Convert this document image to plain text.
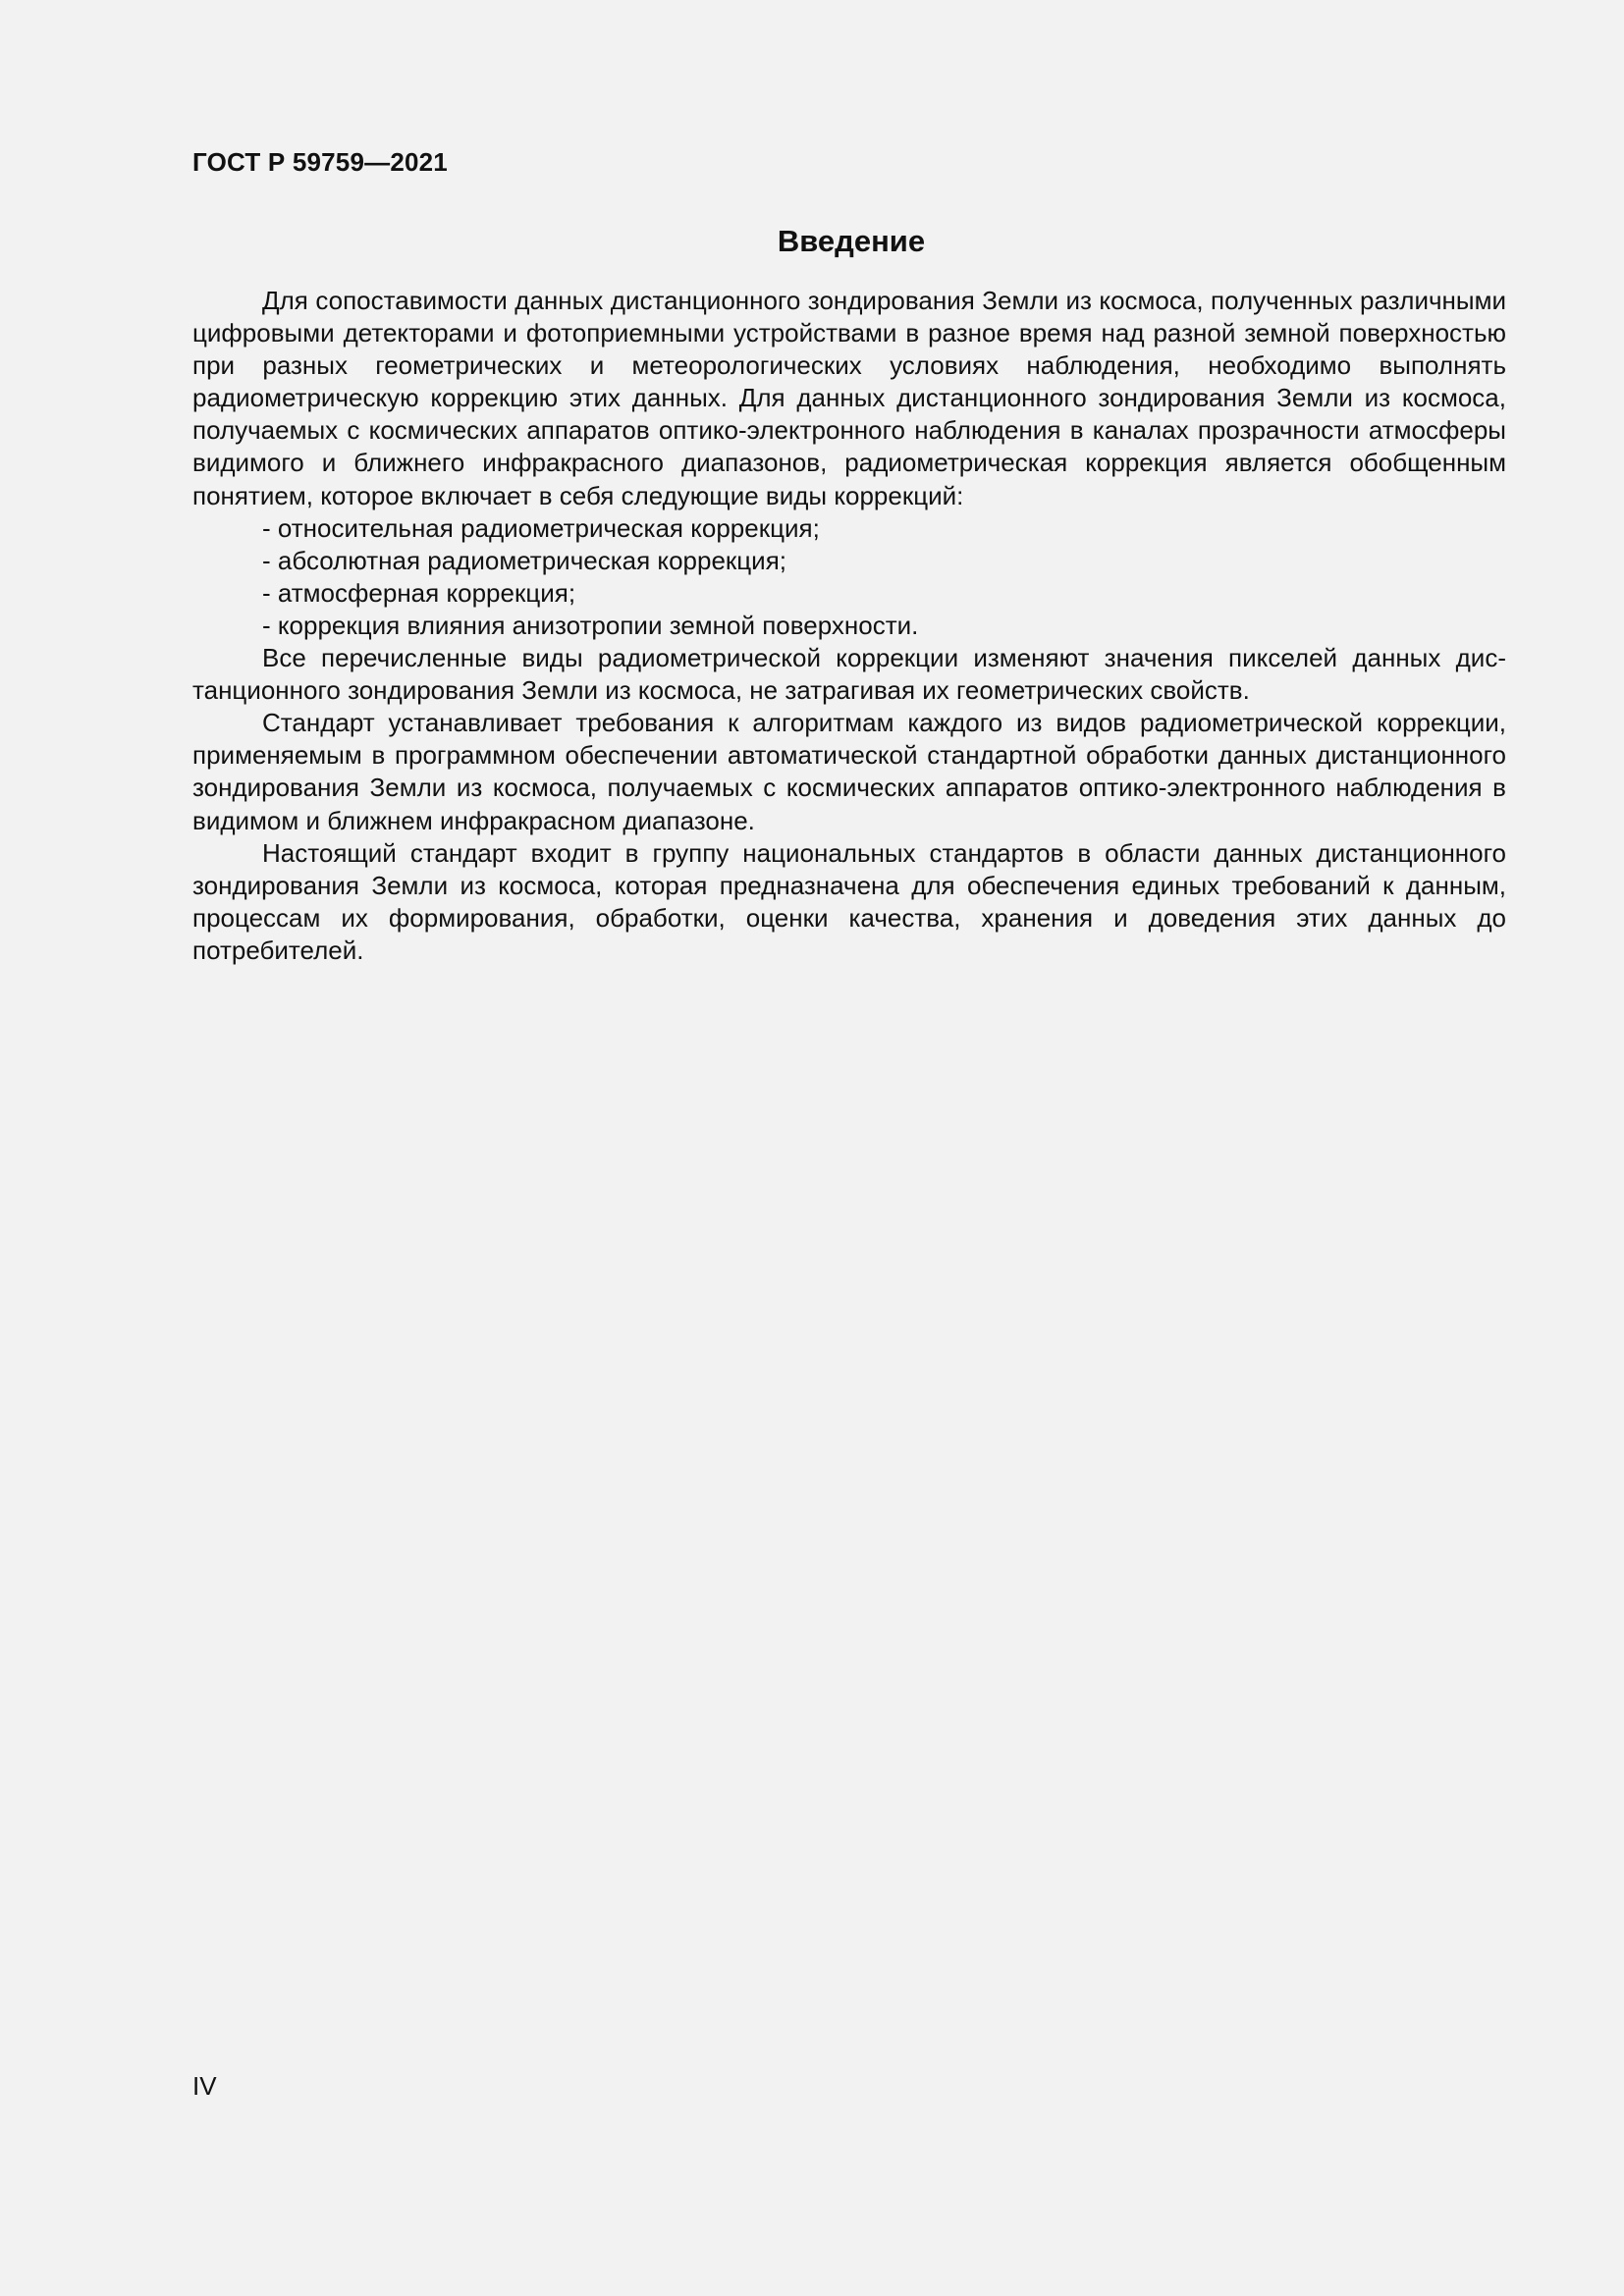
ГОСТ Р 59759—2021
Введение

Для сопоставимости данных дистанционного зондирования Земли из космоса, полученных различными цифровыми детекторами и фотоприемными устройствами в разное время над разной земной поверхностью при разных геометрических и метеорологических условиях наблюдения, необходимо выполнять радиометрическую коррекцию этих данных. Для данных дистанционного зондирования Земли из космоса, получаемых с космических аппаратов оптико-электронного наблюдения в каналах прозрачности атмосферы видимого и ближнего инфракрасного диапазонов, радиометрическая коррекция является обобщенным понятием, которое включает в себя следующие виды коррекций:

- относительная радиометрическая коррекция;
- абсолютная радиометрическая коррекция;
- атмосферная коррекция;
- коррекция влияния анизотропии земной поверхности.

Все перечисленные виды радиометрической коррекции изменяют значения пикселей данных дистанционного зондирования Земли из космоса, не затрагивая их геометрических свойств.

Стандарт устанавливает требования к алгоритмам каждого из видов радиометрической коррекции, применяемым в программном обеспечении автоматической стандартной обработки данных дистанционного зондирования Земли из космоса, получаемых с космических аппаратов оптико-электронного наблюдения в видимом и ближнем инфракрасном диапазоне.

Настоящий стандарт входит в группу национальных стандартов в области данных дистанционного зондирования Земли из космоса, которая предназначена для обеспечения единых требований к данным, процессам их формирования, обработки, оценки качества, хранения и доведения этих данных до потребителей.

IV
